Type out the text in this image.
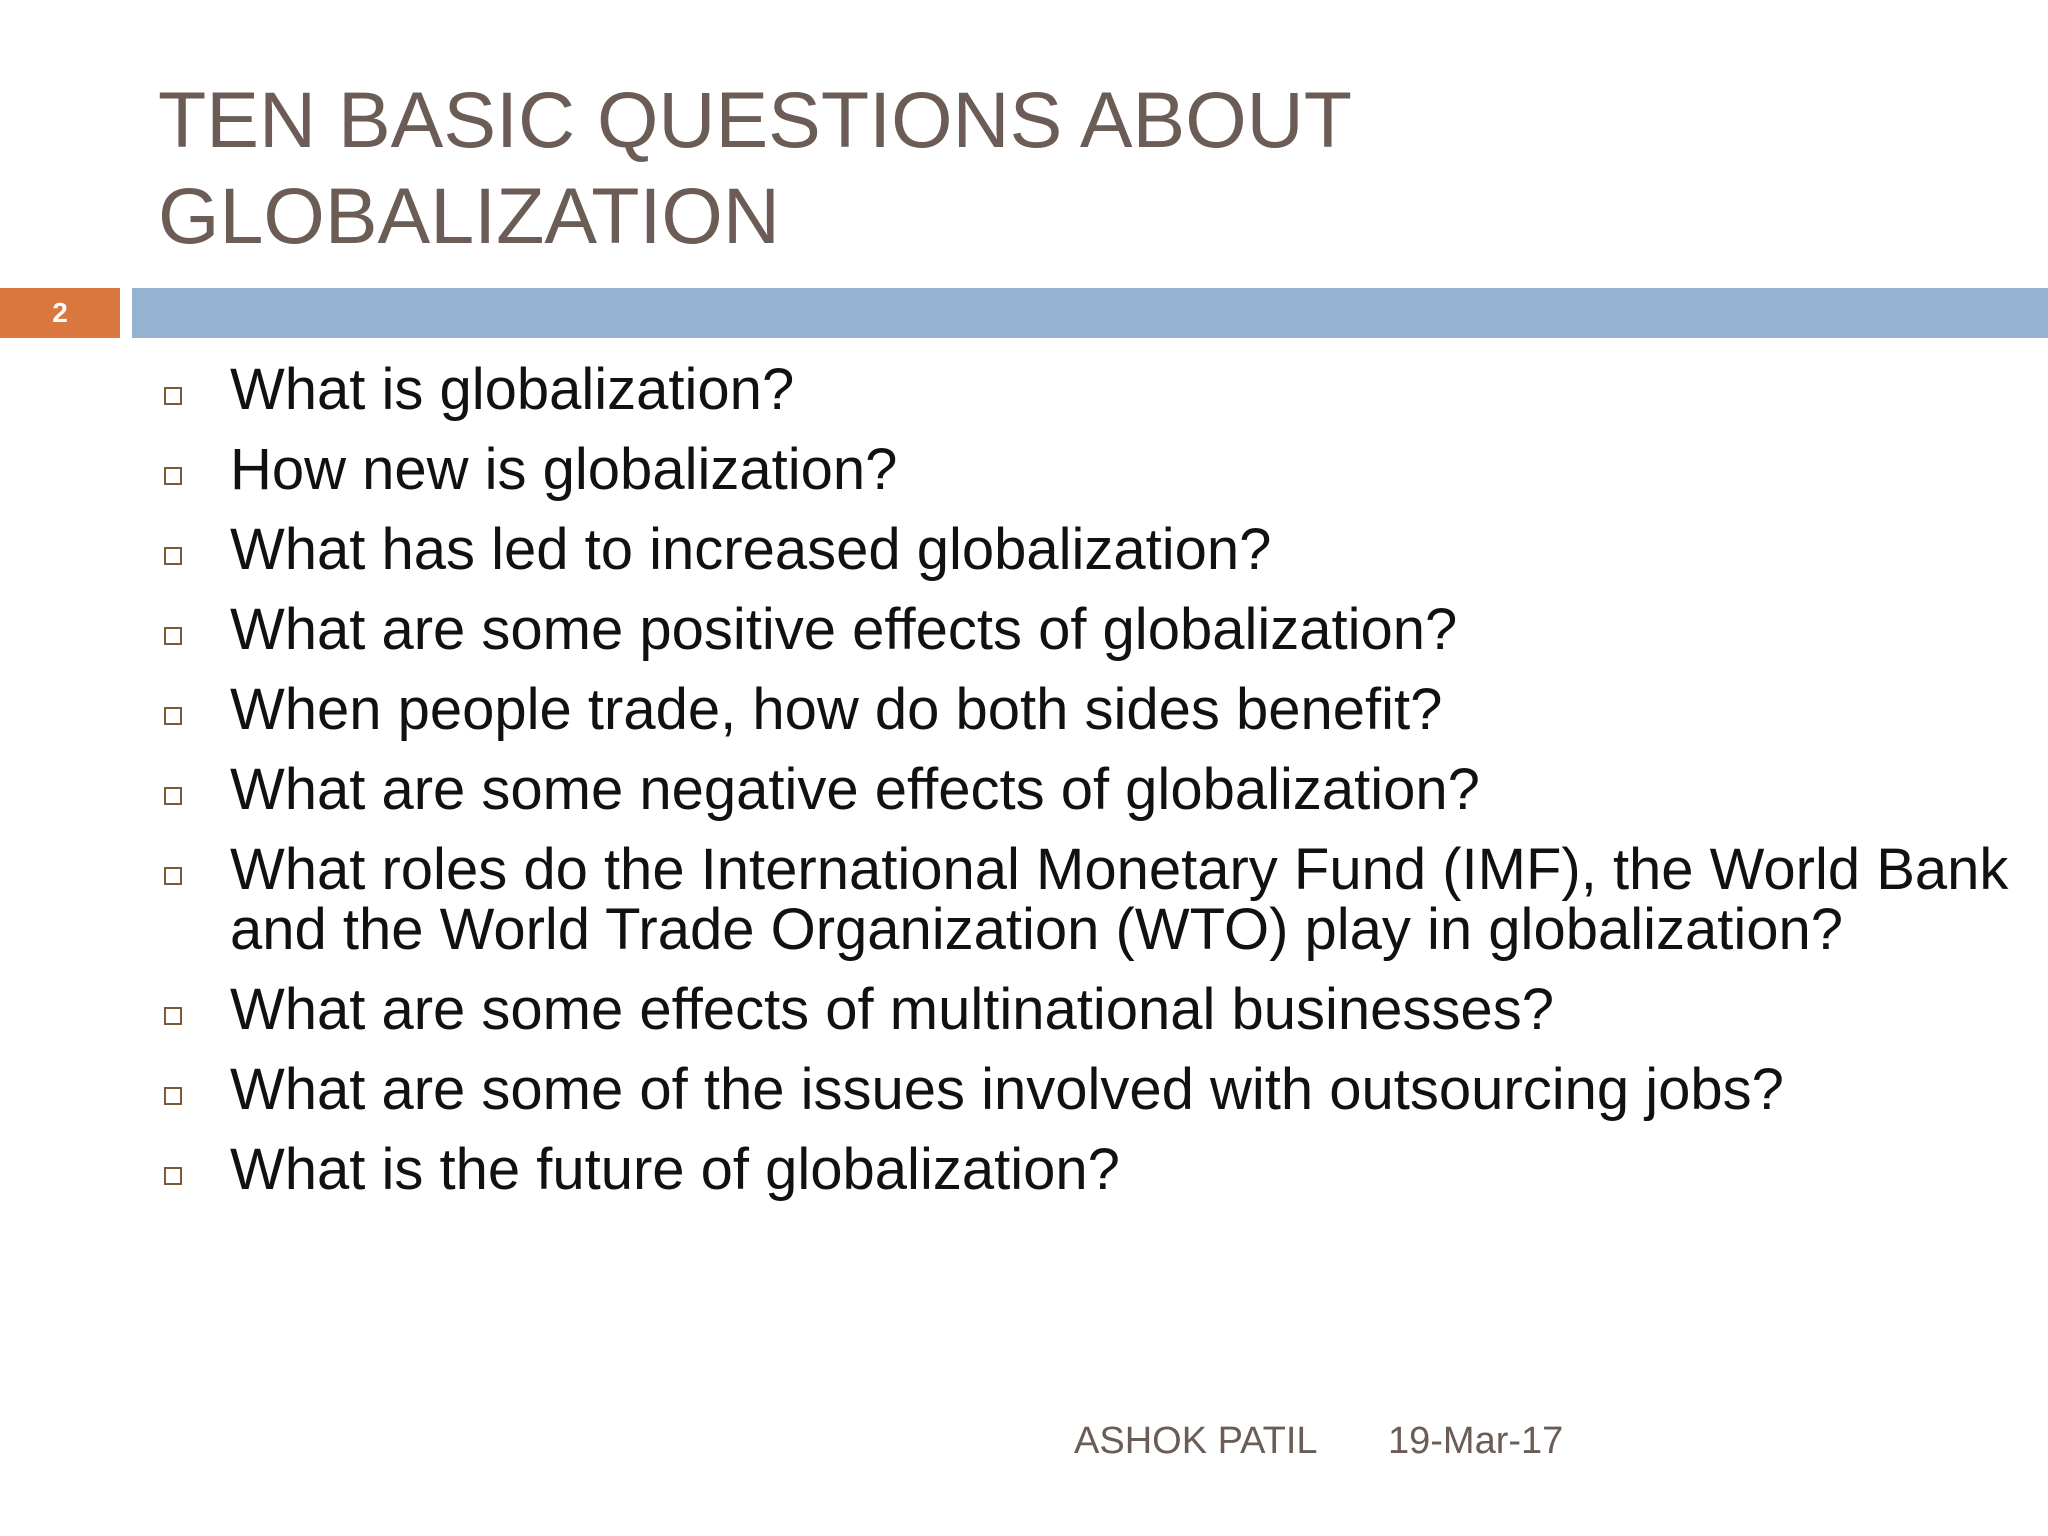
TEN BASIC QUESTIONS ABOUT
GLOBALIZATION
2
What is globalization?
How new is globalization?
What has led to increased globalization?
What are some positive effects of globalization?
When people trade, how do both sides benefit?
What are some negative effects of globalization?
What roles do the International Monetary Fund (IMF), the World Bank and the World Trade Organization (WTO) play in globalization?
What are some effects of multinational businesses?
What are some of the issues involved with outsourcing jobs?
What is the future of globalization?
ASHOK PATIL 19-Mar-17
